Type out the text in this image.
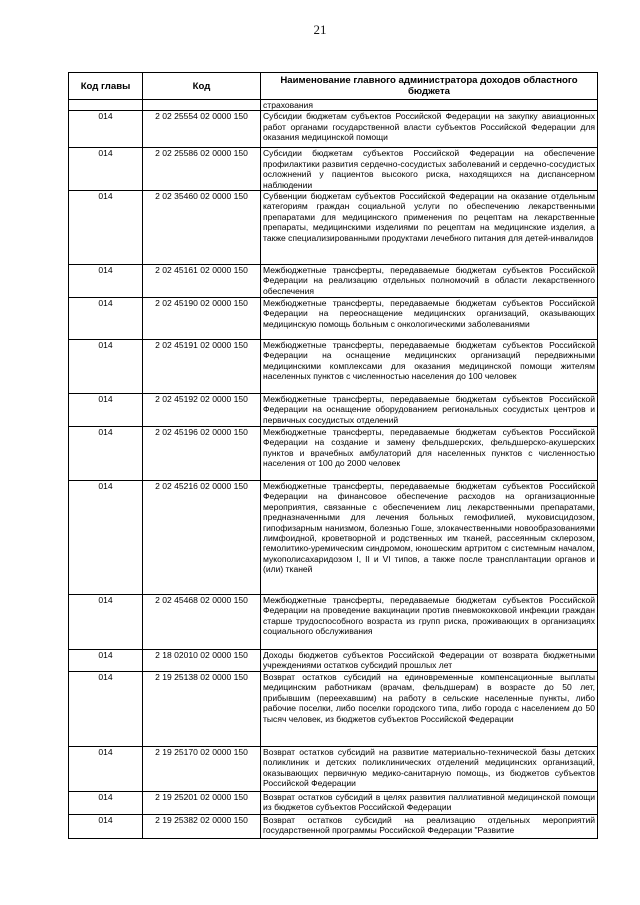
21
Код главы	Код	Наименование главного администратора доходов областного бюджета
		страхования
014	2 02 25554 02 0000 150	Субсидии бюджетам субъектов Российской Федерации на закупку авиационных работ органами государственной власти субъектов Российской Федерации для оказания медицинской помощи
014	2 02 25586 02 0000 150	Субсидии бюджетам субъектов Российской Федерации на обеспечение профилактики развития сердечно-сосудистых заболеваний и сердечно-сосудистых осложнений у пациентов высокого риска, находящихся на диспансерном наблюдении
014	2 02 35460 02 0000 150	Субвенции бюджетам субъектов Российской Федерации на оказание отдельным категориям граждан социальной услуги по обеспечению лекарственными препаратами для медицинского применения по рецептам на лекарственные препараты, медицинскими изделиями по рецептам на медицинские изделия, а также специализированными продуктами лечебного питания для детей-инвалидов
014	2 02 45161 02 0000 150	Межбюджетные трансферты, передаваемые бюджетам субъектов Российской Федерации на реализацию отдельных полномочий в области лекарственного обеспечения
014	2 02 45190 02 0000 150	Межбюджетные трансферты, передаваемые бюджетам субъектов Российской Федерации на переоснащение медицинских организаций, оказывающих медицинскую помощь больным с онкологическими заболеваниями
014	2 02 45191 02 0000 150	Межбюджетные трансферты, передаваемые бюджетам субъектов Российской Федерации на оснащение медицинских организаций передвижными медицинскими комплексами для оказания медицинской помощи жителям населенных пунктов с численностью населения до 100 человек
014	2 02 45192 02 0000 150	Межбюджетные трансферты, передаваемые бюджетам субъектов Российской Федерации на оснащение оборудованием региональных сосудистых центров и первичных сосудистых отделений
014	2 02 45196 02 0000 150	Межбюджетные трансферты, передаваемые бюджетам субъектов Российской Федерации на создание и замену фельдшерских, фельдшерско-акушерских пунктов и врачебных амбулаторий для населенных пунктов с численностью населения от 100 до 2000 человек
014	2 02 45216 02 0000 150	Межбюджетные трансферты, передаваемые бюджетам субъектов Российской Федерации на финансовое обеспечение расходов на организационные мероприятия, связанные с обеспечением лиц лекарственными препаратами, предназначенными для лечения больных гемофилией, муковисцидозом, гипофизарным нанизмом, болезнью Гоше, злокачественными новообразованиями лимфоидной, кроветворной и родственных им тканей, рассеянным склерозом, гемолитико-уремическим синдромом, юношеским артритом с системным началом, мукополисахаридозом I, II и VI типов, а также после трансплантации органов и (или) тканей
014	2 02 45468 02 0000 150	Межбюджетные трансферты, передаваемые бюджетам субъектов Российской Федерации на проведение вакцинации против пневмококковой инфекции граждан старше трудоспособного возраста из групп риска, проживающих в организациях социального обслуживания
014	2 18 02010 02 0000 150	Доходы бюджетов субъектов Российской Федерации от возврата бюджетными учреждениями остатков субсидий прошлых лет
014	2 19 25138 02 0000 150	Возврат остатков субсидий на единовременные компенсационные выплаты медицинским работникам (врачам, фельдшерам) в возрасте до 50 лет, прибывшим (переехавшим) на работу в сельские населенные пункты, либо рабочие поселки, либо поселки городского типа, либо города с населением до 50 тысяч человек, из бюджетов субъектов Российской Федерации
014	2 19 25170 02 0000 150	Возврат остатков субсидий на развитие материально-технической базы детских поликлиник и детских поликлинических отделений медицинских организаций, оказывающих первичную медико-санитарную помощь, из бюджетов субъектов Российской Федерации
014	2 19 25201 02 0000 150	Возврат остатков субсидий в целях развития паллиативной медицинской помощи из бюджетов субъектов Российской Федерации
014	2 19 25382 02 0000 150	Возврат остатков субсидий на реализацию отдельных мероприятий государственной программы Российской Федерации "Развитие
